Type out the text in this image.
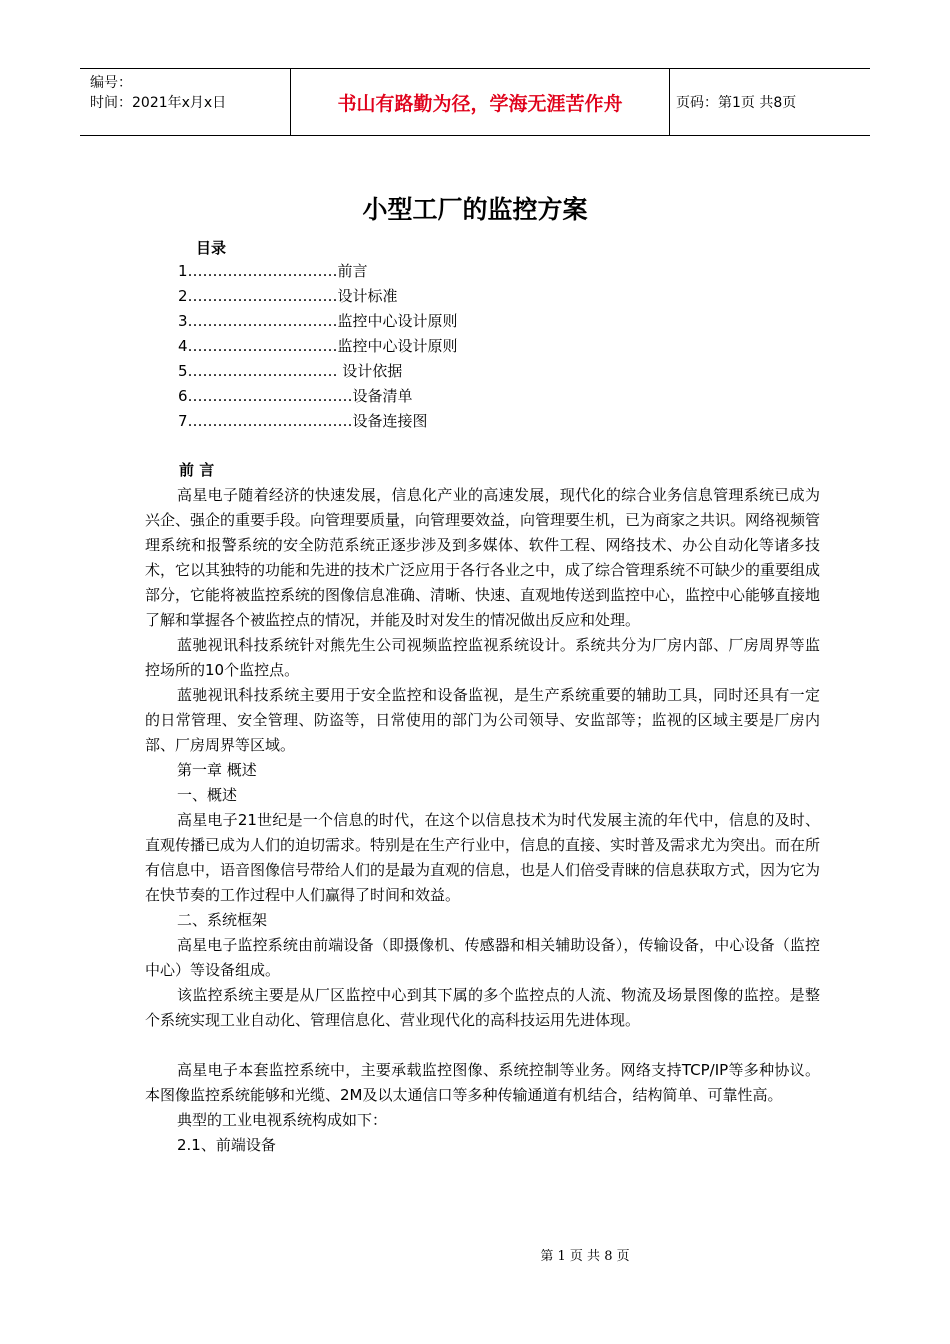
编号：
时间：2021年x月x日	书山有路勤为径，学海无涯苦作舟	页码：第1页 共8页
小型工厂的监控方案
目录
1…………………………前言
2…………………………设计标准
3…………………………监控中心设计原则
4…………………………监控中心设计原则
5………………………… 设计依据
6……………………………设备清单
7……………………………设备连接图

前 言

高星电子随着经济的快速发展，信息化产业的高速发展，现代化的综合业务信息管理系统已成为兴企、强企的重要手段。向管理要质量，向管理要效益，向管理要生机，已为商家之共识。网络视频管理系统和报警系统的安全防范系统正逐步涉及到多媒体、软件工程、网络技术、办公自动化等诸多技术，它以其独特的功能和先进的技术广泛应用于各行各业之中，成了综合管理系统不可缺少的重要组成部分，它能将被监控系统的图像信息准确、清晰、快速、直观地传送到监控中心，监控中心能够直接地了解和掌握各个被监控点的情况，并能及时对发生的情况做出反应和处理。

蓝驰视讯科技系统针对熊先生公司视频监控监视系统设计。系统共分为厂房内部、厂房周界等监控场所的10个监控点。

蓝驰视讯科技系统主要用于安全监控和设备监视，是生产系统重要的辅助工具，同时还具有一定的日常管理、安全管理、防盗等，日常使用的部门为公司领导、安监部等；监视的区域主要是厂房内部、厂房周界等区域。

第一章 概述

一、概述

高星电子21世纪是一个信息的时代，在这个以信息技术为时代发展主流的年代中，信息的及时、直观传播已成为人们的迫切需求。特别是在生产行业中，信息的直接、实时普及需求尤为突出。而在所有信息中，语音图像信号带给人们的是最为直观的信息，也是人们倍受青睐的信息获取方式，因为它为在快节奏的工作过程中人们赢得了时间和效益。

二、系统框架

高星电子监控系统由前端设备（即摄像机、传感器和相关辅助设备），传输设备，中心设备（监控中心）等设备组成。

该监控系统主要是从厂区监控中心到其下属的多个监控点的人流、物流及场景图像的监控。是整个系统实现工业自动化、管理信息化、营业现代化的高科技运用先进体现。

高星电子本套监控系统中，主要承载监控图像、系统控制等业务。网络支持TCP/IP等多种协议。本图像监控系统能够和光缆、2M及以太通信口等多种传输通道有机结合，结构简单、可靠性高。

典型的工业电视系统构成如下：

2.1、前端设备

第 1 页 共 8 页
